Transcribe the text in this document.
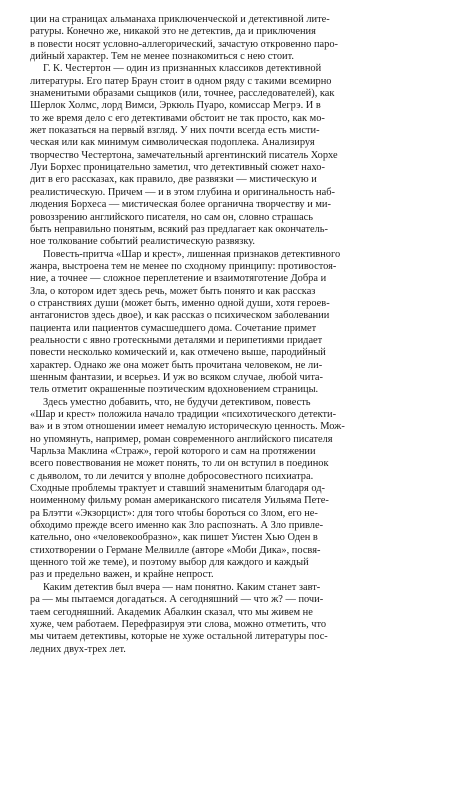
ции на страницах альманаха приключенческой и детективной лите-
ратуры. Конечно же, никакой это не детектив, да и приключения
в повести носят условно-аллегорический, зачастую откровенно паро-
дийный характер. Тем не менее познакомиться с нею стоит.
Г. К. Честертон — один из признанных классиков детективной
литературы. Его патер Браун стоит в одном ряду с такими всемирно
знаменитыми образами сыщиков (или, точнее, расследователей), как
Шерлок Холмс, лорд Вимси, Эркюль Пуаро, комиссар Мегрэ. И в
то же время дело с его детективами обстоит не так просто, как мо-
жет показаться на первый взгляд. У них почти всегда есть мисти-
ческая или как минимум символическая подоплека. Анализируя
творчество Честертона, замечательный аргентинский писатель Хорхе
Луи Борхес проницательно заметил, что детективный сюжет нахо-
дит в его рассказах, как правило, две развязки — мистическую и
реалистическую. Причем — и в этом глубина и оригинальность наб-
людения Борхеса — мистическая более органична творчеству и ми-
ровоззрению английского писателя, но сам он, словно страшась
быть неправильно понятым, всякий раз предлагает как окончатель-
ное толкование событий реалистическую развязку.
Повесть-притча «Шар и крест», лишенная признаков детективного
жанра, выстроена тем не менее по сходному принципу: противостоя-
ние, а точнее — сложное переплетение и взаимотяготение Добра и
Зла, о котором идет здесь речь, может быть понято и как рассказ
о странствиях души (может быть, именно одной души, хотя героев-
антагонистов здесь двое), и как рассказ о психическом заболевании
пациента или пациентов сумасшедшего дома. Сочетание примет
реальности с явно гротескными деталями и перипетиями придает
повести несколько комический и, как отмечено выше, пародийный
характер. Однако же она может быть прочитана человеком, не ли-
шенным фантазии, и всерьез. И уж во всяком случае, любой читa-
тель отметит окрашенные поэтическим вдохновением страницы.
Здесь уместно добавить, что, не будучи детективом, повесть
«Шар и крест» положила начало традиции «психотического детекти-
ва» и в этом отношении имеет немалую историческую ценность. Мож-
но упомянуть, например, роман современного английского писателя
Чарльза Маклина «Страж», герой которого и сам на протяжении
всего повествования не может понять, то ли он вступил в поединок
с дьяволом, то ли лечится у вполне добросовестного психиатра.
Сходные проблемы трактует и ставший знаменитым благодаря од-
ноименному фильму роман американского писателя Уильяма Пете-
ра Блэтти «Экзорцист»: для того чтобы бороться со Злом, его не-
обходимо прежде всего именно как Зло распознать. А Зло привле-
кательно, оно «человекообразно», как пишет Уистен Хью Оден в
стихотворении о Германе Мелвилле (авторе «Моби Дика», посвя-
щенного той же теме), и поэтому выбор для каждого и каждый
раз и предельно важен, и крайне непрост.
Каким детектив был вчера — нам понятно. Каким станет завт-
ра — мы пытаемся догадаться. А сегодняшний — что ж? — почи-
таем сегодняшний. Академик Абалкин сказал, что мы живем не
хуже, чем работаем. Перефразируя эти слова, можно отметить, что
мы читаем детективы, которые не хуже остальной литературы пос-
ледних двух-трех лет.
